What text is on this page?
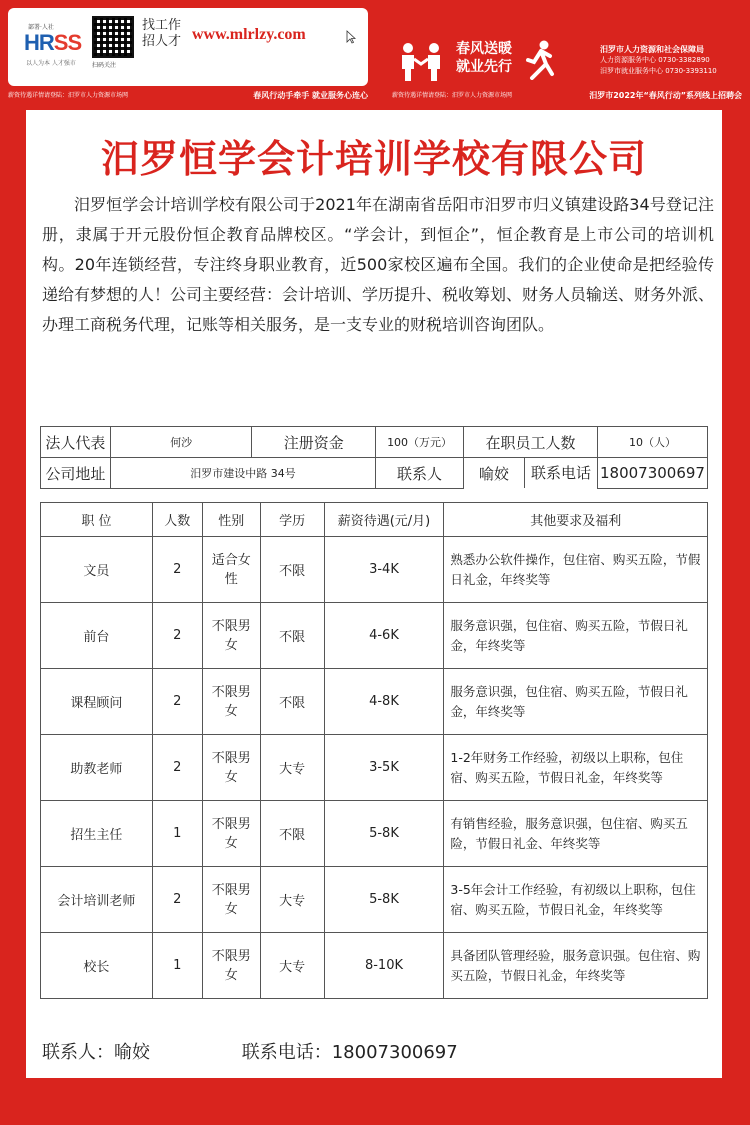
部署·人社
HRSS
以人为本 人才强市	扫码关注
找工作
招人才 www.mlrlzy.com
薪资待遇详情请登陆：汨罗市人力资源市场网	春风行动手牵手 就业服务心连心
春风送暖
就业先行
汨罗市人力资源和社会保障局
人力资源服务中心 0730-3382890
汨罗市就业服务中心 0730-3393110
薪资待遇详情请登陆：汨罗市人力资源市场网	汨罗市2022年“春风行动”系列线上招聘会
汨罗恒学会计培训学校有限公司
汨罗恒学会计培训学校有限公司于2021年在湖南省岳阳市汨罗市归义镇建设路34号登记注册，隶属于开元股份恒企教育品牌校区。“学会计，到恒企”，恒企教育是上市公司的培训机构。20年连锁经营，专注终身职业教育，近500家校区遍布全国。我们的企业使命是把经验传递给有梦想的人！公司主要经营：会计培训、学历提升、税收筹划、财务人员输送、财务外派、办理工商税务代理，记账等相关服务，是一支专业的财税培训咨询团队。
法人代表	何沙	注册资金	100（万元）	在职员工人数	10（人）
公司地址	汨罗市建设中路 34号		联系人		喻姣	联系电话 18007300697
职 位	人数	性别	学历	薪资待遇(元/月)	其他要求及福利
文员	2	适合女性	不限	3-4K	熟悉办公软件操作，包住宿、购买五险，节假日礼金，年终奖等
前台	2	不限男女	不限	4-6K	服务意识强，包住宿、购买五险，节假日礼金，年终奖等
课程顾问	2	不限男女	不限	4-8K	服务意识强，包住宿、购买五险，节假日礼金，年终奖等
助教老师	2	不限男女	大专	3-5K	1-2年财务工作经验，初级以上职称，包住宿、购买五险，节假日礼金，年终奖等
招生主任	1	不限男女	不限	5-8K	有销售经验，服务意识强，包住宿、购买五险，节假日礼金、年终奖等
会计培训老师	2	不限男女	大专	5-8K	3-5年会计工作经验，有初级以上职称，包住宿、购买五险，节假日礼金，年终奖等
校长	1	不限男女	大专	8-10K	具备团队管理经验，服务意识强。包住宿、购买五险，节假日礼金，年终奖等
联系人：喻姣	联系电话：18007300697
